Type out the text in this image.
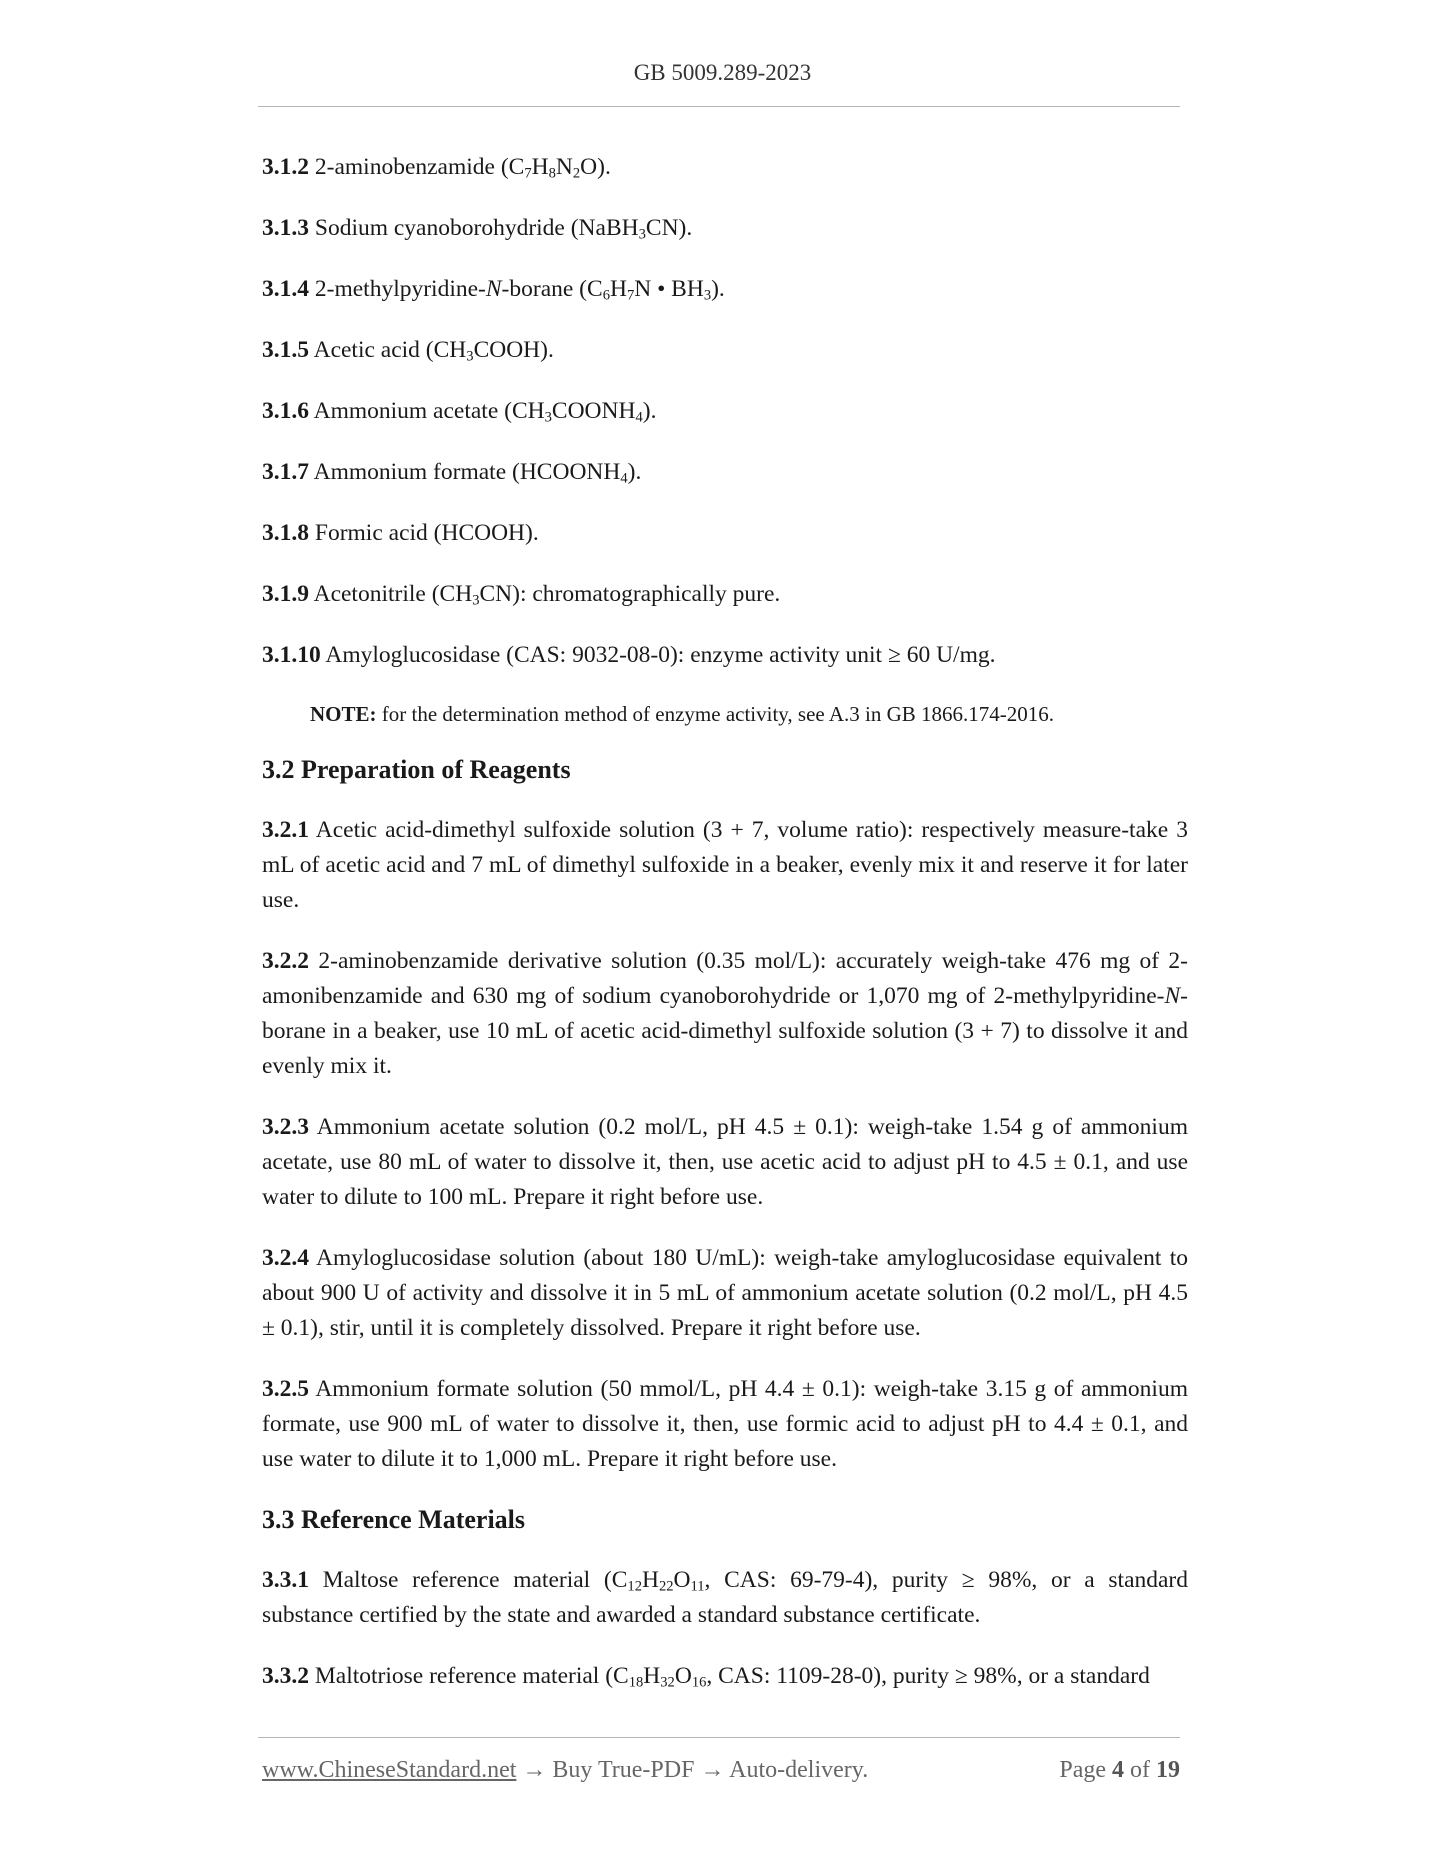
GB 5009.289-2023

3.1.2 2-aminobenzamide $(C_7H_8N_2O)$.

3.1.3 Sodium cyanoborohydride (NaBH$_3$CN).

3.1.4 2-methylpyridine-N-borane ($C_6H_7N$ • $BH_3$).

3.1.5 Acetic acid $(CH_3COOH)$.

3.1.6 Ammonium acetate $(CH_3COONH_4)$.

3.1.7 Ammonium formate $(HCOONH_4)$.

3.1.8 Formic acid (HCOOH).

3.1.9 Acetonitrile $(CH_3CN)$: chromatographically pure.

3.1.10 Amyloglucosidase (CAS: 9032-08-0): enzyme activity unit ≥ 60 U/mg.

NOTE: for the determination method of enzyme activity, see A.3 in GB 1866.174-2016.

3.2 Preparation of Reagents

3.2.1 Acetic acid-dimethyl sulfoxide solution (3 + 7, volume ratio): respectively measure-take 3 mL of acetic acid and 7 mL of dimethyl sulfoxide in a beaker, evenly mix it and reserve it for later use.

3.2.2 2-aminobenzamide derivative solution (0.35 mol/L): accurately weigh-take 476 mg of 2-amonibenzamide and 630 mg of sodium cyanoborohydride or 1,070 mg of 2-methylpyridine-N-borane in a beaker, use 10 mL of acetic acid-dimethyl sulfoxide solution (3 + 7) to dissolve it and evenly mix it.

3.2.3 Ammonium acetate solution (0.2 mol/L, pH 4.5 ± 0.1): weigh-take 1.54 g of ammonium acetate, use 80 mL of water to dissolve it, then, use acetic acid to adjust pH to 4.5 ± 0.1, and use water to dilute to 100 mL. Prepare it right before use.

3.2.4 Amyloglucosidase solution (about 180 U/mL): weigh-take amyloglucosidase equivalent to about 900 U of activity and dissolve it in 5 mL of ammonium acetate solution (0.2 mol/L, pH 4.5 ± 0.1), stir, until it is completely dissolved. Prepare it right before use.

3.2.5 Ammonium formate solution (50 mmol/L, pH 4.4 ± 0.1): weigh-take 3.15 g of ammonium formate, use 900 mL of water to dissolve it, then, use formic acid to adjust pH to 4.4 ± 0.1, and use water to dilute it to 1,000 mL. Prepare it right before use.

3.3 Reference Materials

3.3.1 Maltose reference material ($C_{12}H_{22}O_{11}$, CAS: 69-79-4), purity ≥ 98%, or a standard substance certified by the state and awarded a standard substance certificate.

3.3.2 Maltotriose reference material ($C_{18}H_{32}O_{16}$, CAS: 1109-28-0), purity ≥ 98%, or a standard

www.ChineseStandard.net → Buy True-PDF → Auto-delivery.	Page 4 of 19
